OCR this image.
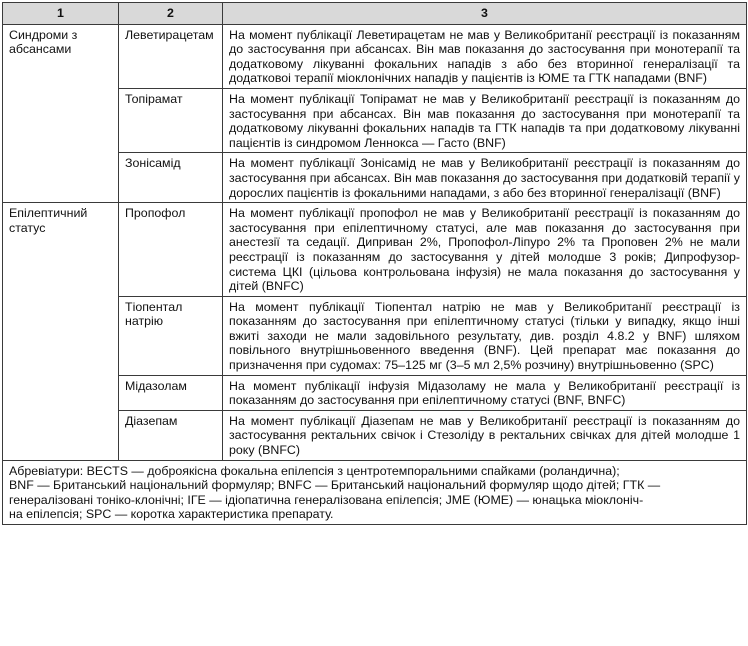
1	2	3
Синдроми з абсансами	Леветирацетам	На момент публікації Леветирацетам не мав у Великобританії реєстрації із показанням до застосування при абсансах. Він мав показання до застосування при монотерапії та додатковому лікуванні фокальних нападів з або без вторинної генералізації та додатковоі терапії міоклонічних нападів у пацієнтів із ЮМЕ та ГТК нападами (BNF)
	Топірамат	На момент публікації Топірамат не мав у Великобританії реєстрації із показанням до застосування при абсансах. Він мав показання до застосування при монотерапії та додатковому лікуванні фокальних нападів та ГТК нападів та при додатковому лікуванні пацієнтів із синдромом Леннокса — Гасто (BNF)
	Зонісамід	На момент публікації Зонісамід не мав у Великобританії реєстрації із показанням до застосування при абсансах. Він мав показання до застосування при додатковій терапії у дорослих пацієнтів із фокальними нападами, з або без вторинної генералізації (BNF)
Епілептичний статус	Пропофол	На момент публікації пропофол не мав у Великобританії реєстрації із показанням до застосування при епілептичному статусі, але мав показання до застосування при анестезії та седації. Диприван 2%, Пропофол-Ліпуро 2% та Проповен 2% не мали реєстрації із показанням до застосування у дітей молодше 3 років; Дипрофузор-система ЦКІ (цільова контрольована інфузія) не мала показання до застосування у дітей (BNFC)
	Тіопентал натрію	На момент публікації Тіопентал натрію не мав у Великобританії реєстрації із показанням до застосування при епілептичному статусі (тільки у випадку, якщо інші вжиті заходи не мали задовільного результату, див. розділ 4.8.2 у BNF) шляхом повільного внутрішньовенного введення (BNF). Цей препарат має показання до призначення при судомах: 75–125 мг (3–5 мл 2,5% розчину) внутрішньовенно (SPC)
	Мідазолам	На момент публікації інфузія Мідазоламу не мала у Великобританії реєстрації із показанням до застосування при епілептичному статусі (BNF, BNFC)
	Діазепам	На момент публікації Діазепам не мав у Великобританії реєстрації із показанням до застосування ректальних свічок і Стезоліду в ректальних свічках для дітей молодше 1 року (BNFC)

Абревіатури: BECTS — доброякісна фокальна епілепсія з центротемпоральними спайками (роландична);
BNF — Британський національний формуляр; BNFC — Британський національний формуляр щодо дітей; ГТК —
генералізовані тоніко-клонічні; ІГЕ — ідіопатична генералізована епілепсія; ЈМЕ (ЮМЕ) — юнацька міоклоніч-
на епілепсія; SPC — коротка характеристика препарату.		
